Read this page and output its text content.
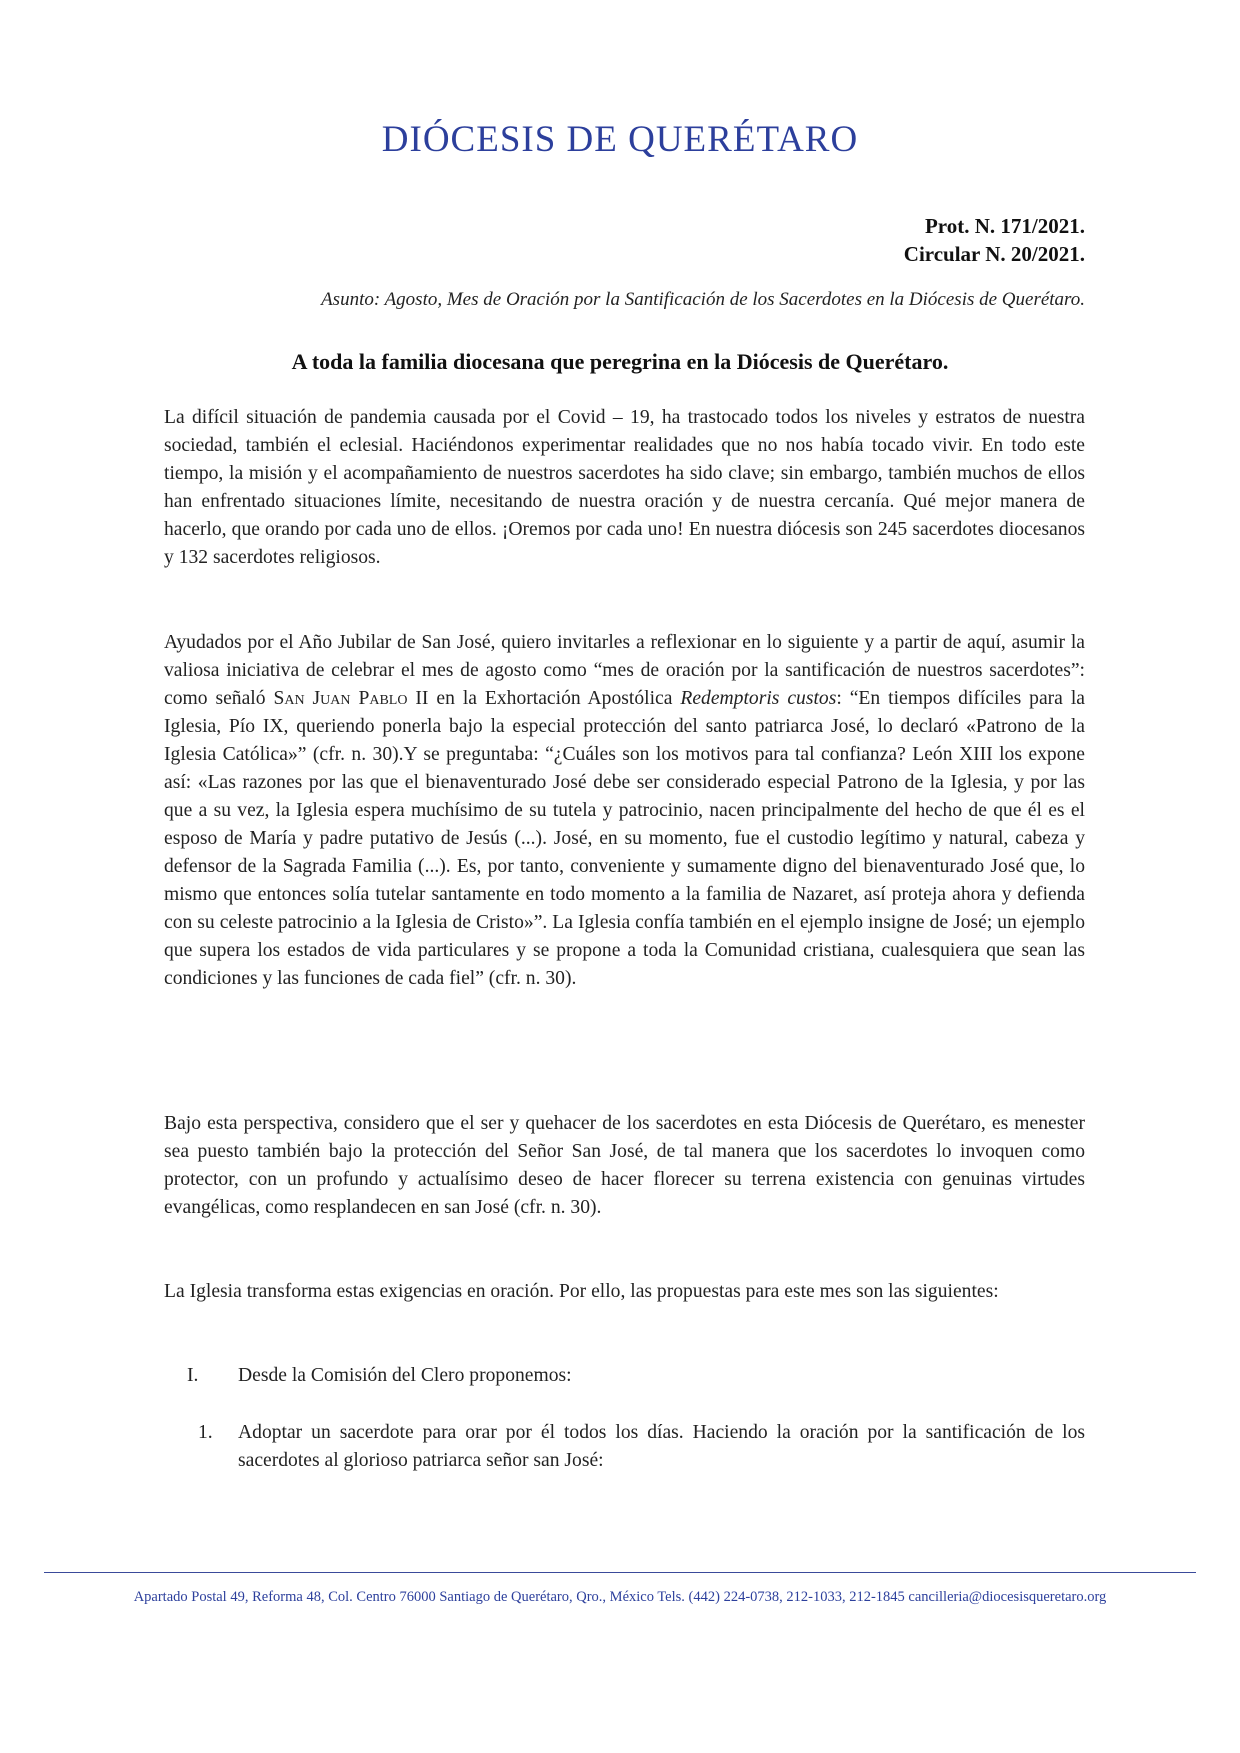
DIÓCESIS DE QUERÉTARO
Prot. N. 171/2021.
Circular N. 20/2021.
Asunto: Agosto, Mes de Oración por la Santificación de los Sacerdotes en la Diócesis de Querétaro.
A toda la familia diocesana que peregrina en la Diócesis de Querétaro.
La difícil situación de pandemia causada por el Covid – 19, ha trastocado todos los niveles y estratos de nuestra sociedad, también el eclesial. Haciéndonos experimentar realidades que no nos había tocado vivir. En todo este tiempo, la misión y el acompañamiento de nuestros sacerdotes ha sido clave; sin embargo, también muchos de ellos han enfrentado situaciones límite, necesitando de nuestra oración y de nuestra cercanía. Qué mejor manera de hacerlo, que orando por cada uno de ellos. ¡Oremos por cada uno! En nuestra diócesis son 245 sacerdotes diocesanos y 132 sacerdotes religiosos.
Ayudados por el Año Jubilar de San José, quiero invitarles a reflexionar en lo siguiente y a partir de aquí, asumir la valiosa iniciativa de celebrar el mes de agosto como “mes de oración por la santificación de nuestros sacerdotes”: como señaló San Juan Pablo II en la Exhortación Apostólica Redemptoris custos: “En tiempos difíciles para la Iglesia, Pío IX, queriendo ponerla bajo la especial protección del santo patriarca José, lo declaró «Patrono de la Iglesia Católica»” (cfr. n. 30).Y se preguntaba: “¿Cuáles son los motivos para tal confianza? León XIII los expone así: «Las razones por las que el bienaventurado José debe ser considerado especial Patrono de la Iglesia, y por las que a su vez, la Iglesia espera muchísimo de su tutela y patrocinio, nacen principalmente del hecho de que él es el esposo de María y padre putativo de Jesús (...). José, en su momento, fue el custodio legítimo y natural, cabeza y defensor de la Sagrada Familia (...). Es, por tanto, conveniente y sumamente digno del bienaventurado José que, lo mismo que entonces solía tutelar santamente en todo momento a la familia de Nazaret, así proteja ahora y defienda con su celeste patrocinio a la Iglesia de Cristo»”. La Iglesia confía también en el ejemplo insigne de José; un ejemplo que supera los estados de vida particulares y se propone a toda la Comunidad cristiana, cualesquiera que sean las condiciones y las funciones de cada fiel” (cfr. n. 30).
Bajo esta perspectiva, considero que el ser y quehacer de los sacerdotes en esta Diócesis de Querétaro, es menester sea puesto también bajo la protección del Señor San José, de tal manera que los sacerdotes lo invoquen como protector, con un profundo y actualísimo deseo de hacer florecer su terrena existencia con genuinas virtudes evangélicas, como resplandecen en san José (cfr. n. 30).
La Iglesia transforma estas exigencias en oración. Por ello, las propuestas para este mes son las siguientes:
I. Desde la Comisión del Clero proponemos:
1. Adoptar un sacerdote para orar por él todos los días. Haciendo la oración por la santificación de los sacerdotes al glorioso patriarca señor san José:
Apartado Postal 49, Reforma 48, Col. Centro 76000 Santiago de Querétaro, Qro., México Tels. (442) 224-0738, 212-1033, 212-1845 cancilleria@diocesisqueretaro.org
